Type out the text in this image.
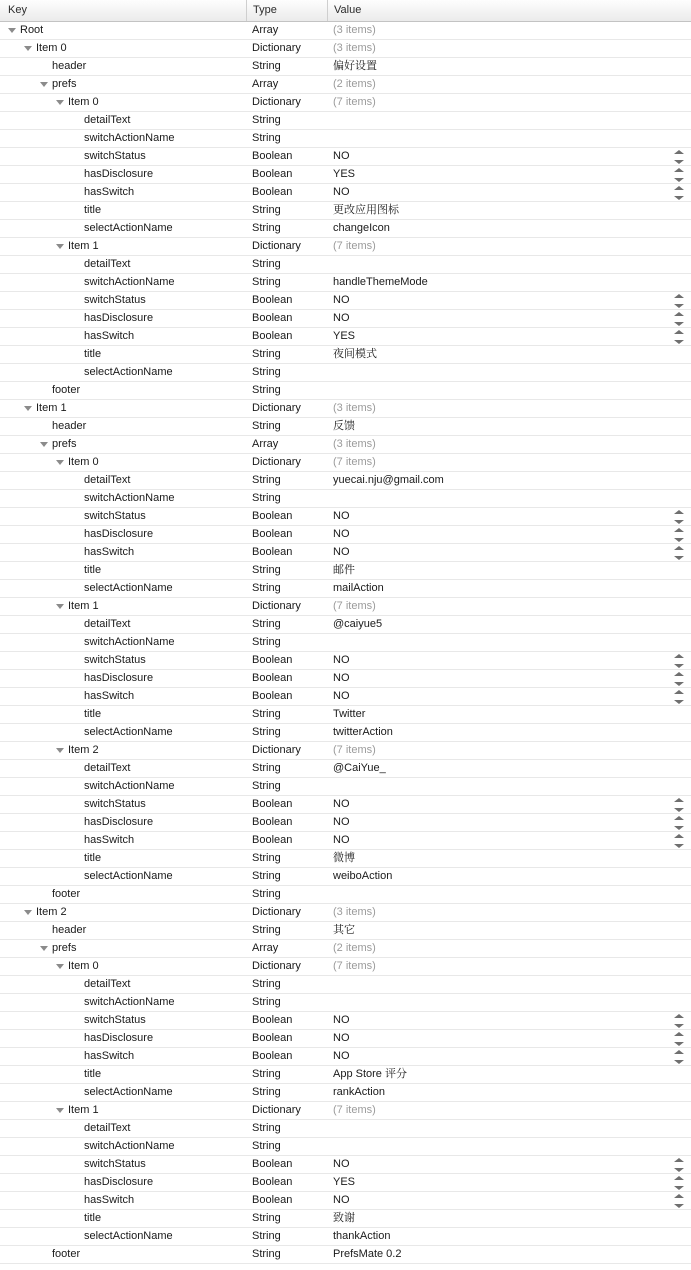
Key	Type	Value
Root	Array	(3 items)
Item 0	Dictionary	(3 items)
header	String	偏好设置
prefs	Array	(2 items)
Item 0	Dictionary	(7 items)
detailText	String
switchActionName	String
switchStatus	Boolean	NO
hasDisclosure	Boolean	YES
hasSwitch	Boolean	NO
title	String	更改应用图标
selectActionName	String	changeIcon
Item 1	Dictionary	(7 items)
detailText	String
switchActionName	String	handleThemeMode
switchStatus	Boolean	NO
hasDisclosure	Boolean	NO
hasSwitch	Boolean	YES
title	String	夜间模式
selectActionName	String
footer	String
Item 1	Dictionary	(3 items)
header	String	反馈
prefs	Array	(3 items)
Item 0	Dictionary	(7 items)
detailText	String	yuecai.nju@gmail.com
switchActionName	String
switchStatus	Boolean	NO
hasDisclosure	Boolean	NO
hasSwitch	Boolean	NO
title	String	邮件
selectActionName	String	mailAction
Item 1	Dictionary	(7 items)
detailText	String	@caiyue5
switchActionName	String
switchStatus	Boolean	NO
hasDisclosure	Boolean	NO
hasSwitch	Boolean	NO
title	String	Twitter
selectActionName	String	twitterAction
Item 2	Dictionary	(7 items)
detailText	String	@CaiYue_
switchActionName	String
switchStatus	Boolean	NO
hasDisclosure	Boolean	NO
hasSwitch	Boolean	NO
title	String	微博
selectActionName	String	weiboAction
footer	String
Item 2	Dictionary	(3 items)
header	String	其它
prefs	Array	(2 items)
Item 0	Dictionary	(7 items)
detailText	String
switchActionName	String
switchStatus	Boolean	NO
hasDisclosure	Boolean	NO
hasSwitch	Boolean	NO
title	String	App Store 评分
selectActionName	String	rankAction
Item 1	Dictionary	(7 items)
detailText	String
switchActionName	String
switchStatus	Boolean	NO
hasDisclosure	Boolean	YES
hasSwitch	Boolean	NO
title	String	致谢
selectActionName	String	thankAction
footer	String	PrefsMate 0.2
